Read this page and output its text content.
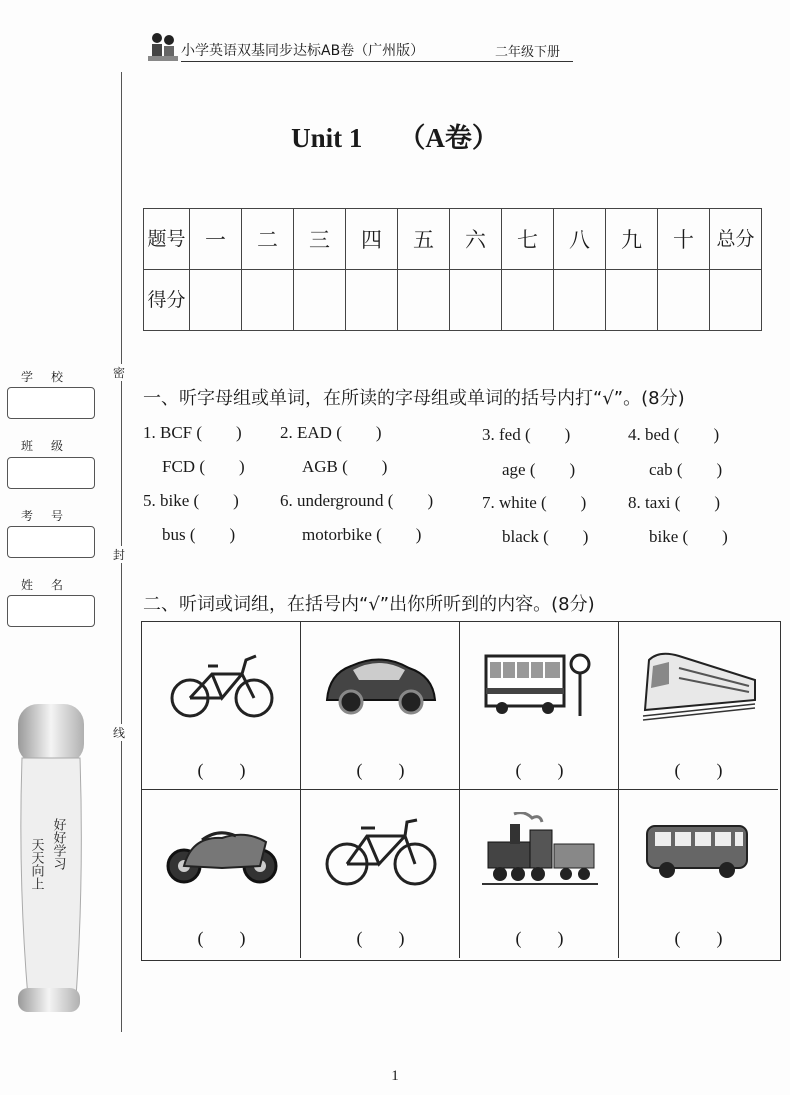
小学英语双基同步达标AB卷（广州版）	二年级下册
Unit 1 （A卷）
题号	一	二	三	四	五	六	七	八	九	十	总分
得分											
密
封
线
学校
班级
考号
姓名
天天向上 好好学习
一、听字母组或单词，在所读的字母组或单词的括号内打“√”。(8分)
1. BCF (　　) 2. EAD (　　)	3. fed (　　)	4. bed (　　)
FCD (　　)	AGB (　　)	age (　　)	cab (　　)
5. bike (　　) 6. underground (　　)	7. white (　　) 8. taxi (　　)
bus (　　)	motorbike (　　)	black (　　)	bike (　　)
二、听词或词组，在括号内“√”出你所听到的内容。(8分)
(　　)	(　　)	(　　)	(　　)
(　　)	(　　)	(　　)	(　　)
1
